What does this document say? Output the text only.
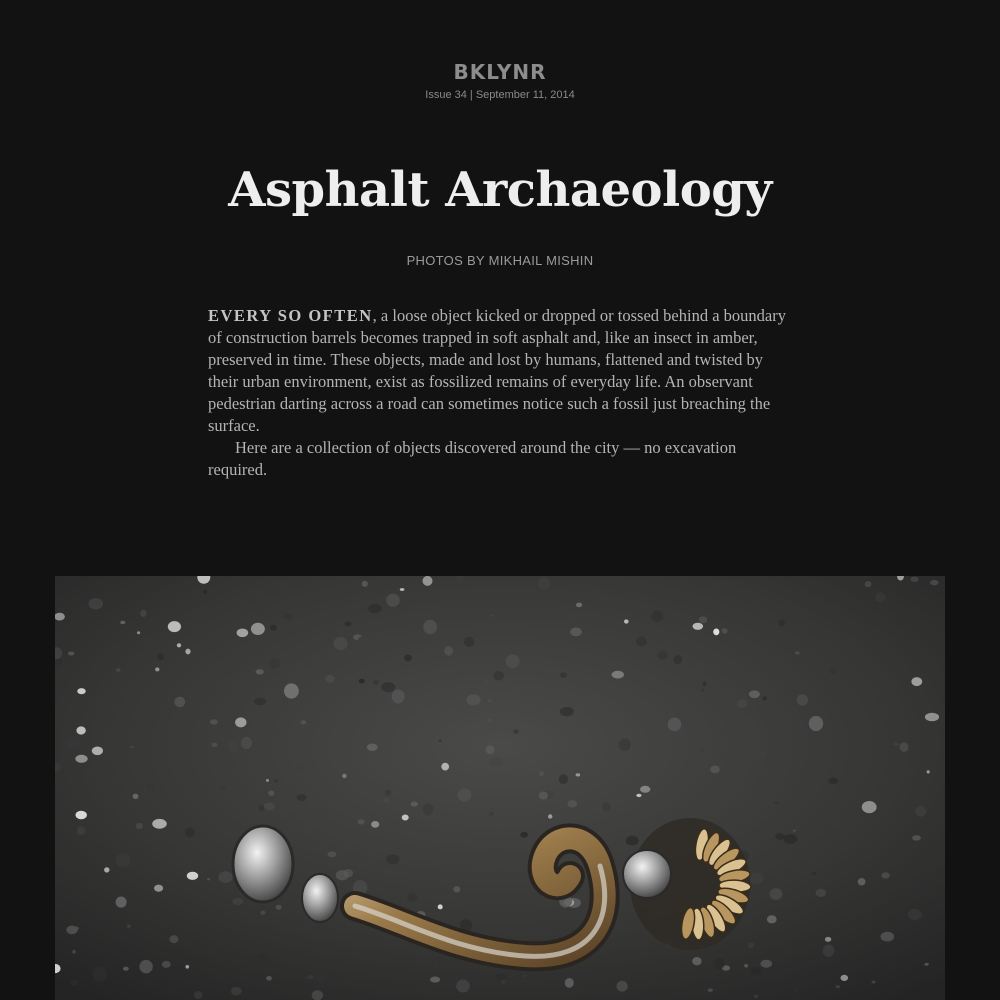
BKLYNR
Issue 34 | September 11, 2014
Asphalt Archaeology
PHOTOS BY MIKHAIL MISHIN

EVERY SO OFTEN, a loose object kicked or dropped or tossed behind a boundary of construction barrels becomes trapped in soft asphalt and, like an insect in amber, preserved in time. These objects, made and lost by humans, flattened and twisted by their urban environment, exist as fossilized remains of everyday life. An observant pedestrian darting across a road can sometimes notice such a fossil just breaching the surface.

Here are a collection of objects discovered around the city — no excavation required.
